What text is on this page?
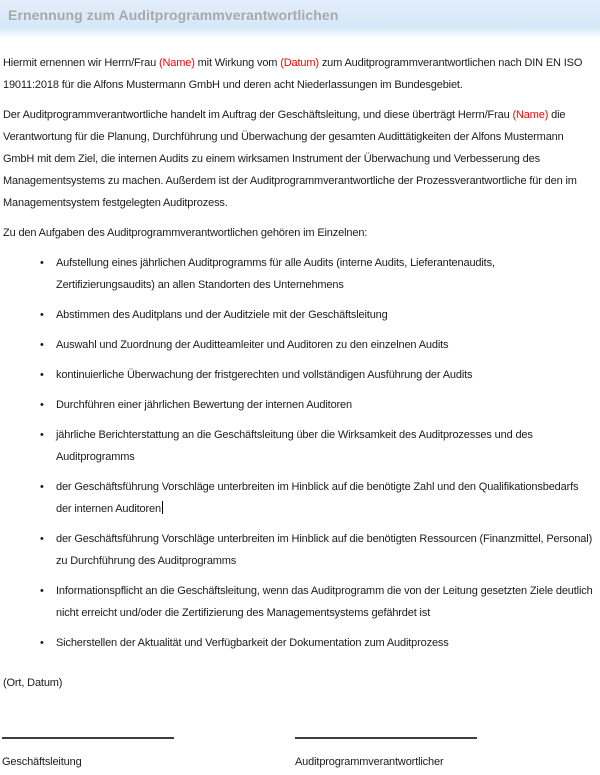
Ernennung zum Auditprogrammverantwortlichen

Hiermit ernennen wir Herrn/Frau (Name) mit Wirkung vom (Datum) zum Auditprogrammverantwortlichen nach DIN EN ISO 19011:2018 für die Alfons Mustermann GmbH und deren acht Niederlassungen im Bundesgebiet.

Der Auditprogrammverantwortliche handelt im Auftrag der Geschäftsleitung, und diese überträgt Herrn/Frau (Name) die Verantwortung für die Planung, Durchführung und Überwachung der gesamten Audittätigkeiten der Alfons Mustermann GmbH mit dem Ziel, die internen Audits zu einem wirksamen Instrument der Überwachung und Verbesserung des Managementsystems zu machen. Außerdem ist der Auditprogrammverantwortliche der Prozessverantwortliche für den im Managementsystem festgelegten Auditprozess.

Zu den Aufgaben des Auditprogrammverantwortlichen gehören im Einzelnen:

• Aufstellung eines jährlichen Auditprogramms für alle Audits (interne Audits, Lieferantenaudits, Zertifizierungsaudits) an allen Standorten des Unternehmens
• Abstimmen des Auditplans und der Auditziele mit der Geschäftsleitung
• Auswahl und Zuordnung der Auditteamleiter und Auditoren zu den einzelnen Audits
• kontinuierliche Überwachung der fristgerechten und vollständigen Ausführung der Audits
• Durchführen einer jährlichen Bewertung der internen Auditoren
• jährliche Berichterstattung an die Geschäftsleitung über die Wirksamkeit des Auditprozesses und des Auditprogramms
• der Geschäftsführung Vorschläge unterbreiten im Hinblick auf die benötigte Zahl und den Qualifikationsbedarfs der internen Auditoren
• der Geschäftsführung Vorschläge unterbreiten im Hinblick auf die benötigten Ressourcen (Finanzmittel, Personal) zu Durchführung des Auditprogramms
• Informationspflicht an die Geschäftsleitung, wenn das Auditprogramm die von der Leitung gesetzten Ziele deutlich nicht erreicht und/oder die Zertifizierung des Managementsystems gefährdet ist
• Sicherstellen der Aktualität und Verfügbarkeit der Dokumentation zum Auditprozess

(Ort, Datum)

Geschäftsleitung	Auditprogrammverantwortlicher
